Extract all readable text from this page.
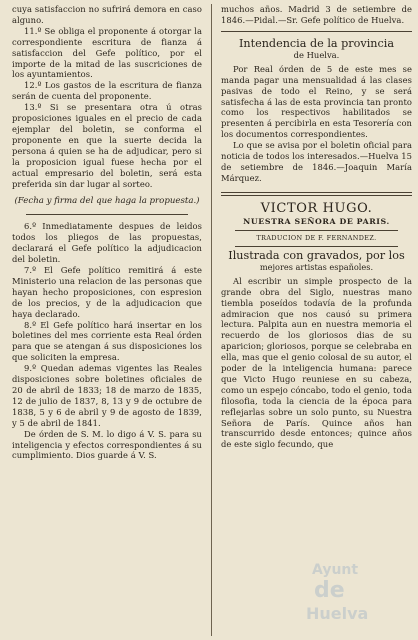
cuya satisfaccion no sufrirá demora en caso alguno.

11.º Se obliga el proponente á otorgar la correspondiente escritura de fianza á satisfaccion del Gefe político, por el importe de la mitad de las suscriciones de los ayuntamientos.

12.º Los gastos de la escritura de fianza serán de cuenta del proponente.

13.º Si se presentara otra ú otras proposiciones iguales en el precio de cada ejemplar del boletin, se conforma el proponente en que la suerte decida la persona á quien se ha de adjudicar, pero si la proposicion igual fuese hecha por el actual empresario del boletin, será esta preferida sin dar lugar al sorteo.

(Fecha y firma del que haga la propuesta.)

6.º Inmediatamente despues de leidos todos los pliegos de las propuestas, declarará el Gefe político la adjudicacion del boletin.

7.º El Gefe político remitirá á este Ministerio una relacion de las personas que hayan hecho proposiciones, con espresion de los precios, y de la adjudicacion que haya declarado.

8.º El Gefe político hará insertar en los boletines del mes corriente esta Real órden para que se atengan á sus disposiciones los que soliciten la empresa.

9.º Quedan ademas vigentes las Reales disposiciones sobre boletines oficiales de 20 de abril de 1833; 18 de marzo de 1835, 12 de julio de 1837, 8, 13 y 9 de octubre de 1838, 5 y 6 de abril y 9 de agosto de 1839, y 5 de abril de 1841.

De órden de S. M. lo digo á V. S. para su inteligencia y efectos correspondientes á su cumplimiento. Dios guarde á V. S.

muchos años. Madrid 3 de setiembre de 1846.—Pidal.—Sr. Gefe político de Huelva.

Intendencia de la provincia
de Huelva.

Por Real órden de 5 de este mes se manda pagar una mensualidad á las clases pasivas de todo el Reino, y se será satisfecha á las de esta provincia tan pronto como los respectivos habilitados se presenten á percibirla en esta Tesorería con los documentos correspondientes.

Lo que se avisa por el boletin oficial para noticia de todos los interesados.—Huelva 15 de setiembre de 1846.—Joaquin María Márquez.

VICTOR HUGO.
NUESTRA SEÑORA DE PARIS.
TRADUCION DE F. FERNANDEZ.
Ilustrada con gravados, por los
mejores artistas españoles.

Al escribir un simple prospecto de la grande obra del Siglo, nuestras mano tiembla poseídos todavía de la profunda admiracion que nos causó su primera lectura. Palpita aun en nuestra memoria el recuerdo de los gloriosos dias de su aparicion; gloriosos, porque se celebraba en ella, mas que el genio colosal de su autor, el poder de la inteligencia humana: parece que Victo Hugo reuniese en su cabeza, como un espejo cóncabo, todo el genio, toda filosofia, toda la ciencia de la época para reflejarlas sobre un solo punto, su Nuestra Señora de París. Quince años han transcurrido desde entonces; quince años de este siglo fecundo, que

Ayunt
de
Huelva
